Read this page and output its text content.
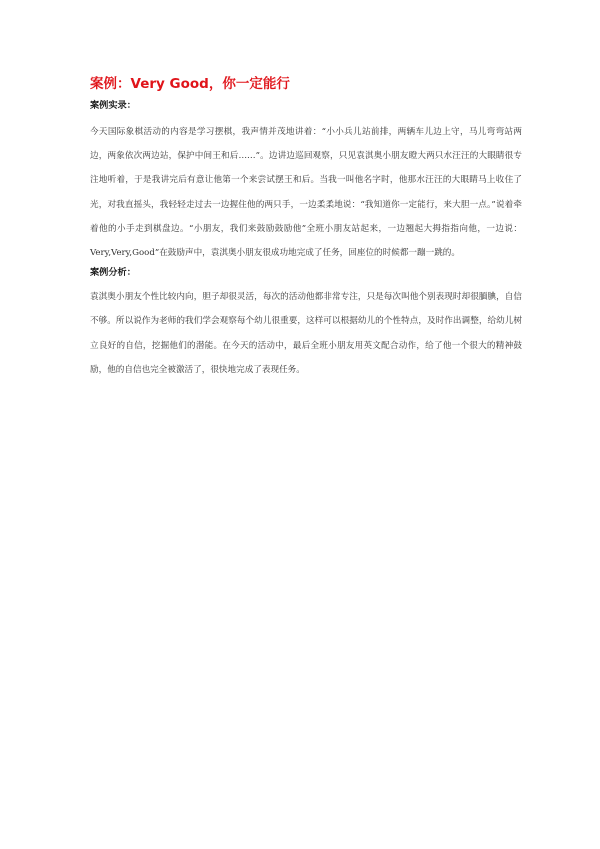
案例：Very Good，你一定能行
案例实录：

今天国际象棋活动的内容是学习摆棋，我声情并茂地讲着：“小小兵儿站前排，两辆车儿边上守，马儿弯弯站两边，两象依次两边站，保护中间王和后……”。边讲边巡回观察，只见袁淇奥小朋友瞪大两只水汪汪的大眼睛很专注地听着，于是我讲完后有意让他第一个来尝试摆王和后。当我一叫他名字时，他那水汪汪的大眼睛马上收住了光，对我直摇头，我轻轻走过去一边握住他的两只手，一边柔柔地说：“我知道你一定能行，来大胆一点。”说着牵着他的小手走到棋盘边。“小朋友，我们来鼓励鼓励他”全班小朋友站起来，一边翘起大拇指指向他，一边说：Very,Very,Good”在鼓励声中，袁淇奥小朋友很成功地完成了任务，回座位的时候都一蹦一跳的。

案例分析：

袁淇奥小朋友个性比较内向，胆子却很灵活，每次的活动他都非常专注，只是每次叫他个别表现时却很腼腆，自信不够。所以说作为老师的我们学会观察每个幼儿很重要，这样可以根据幼儿的个性特点，及时作出调整，给幼儿树立良好的自信，挖掘他们的潜能。在今天的活动中，最后全班小朋友用英文配合动作，给了他一个很大的精神鼓励，他的自信也完全被激活了，很快地完成了表现任务。
